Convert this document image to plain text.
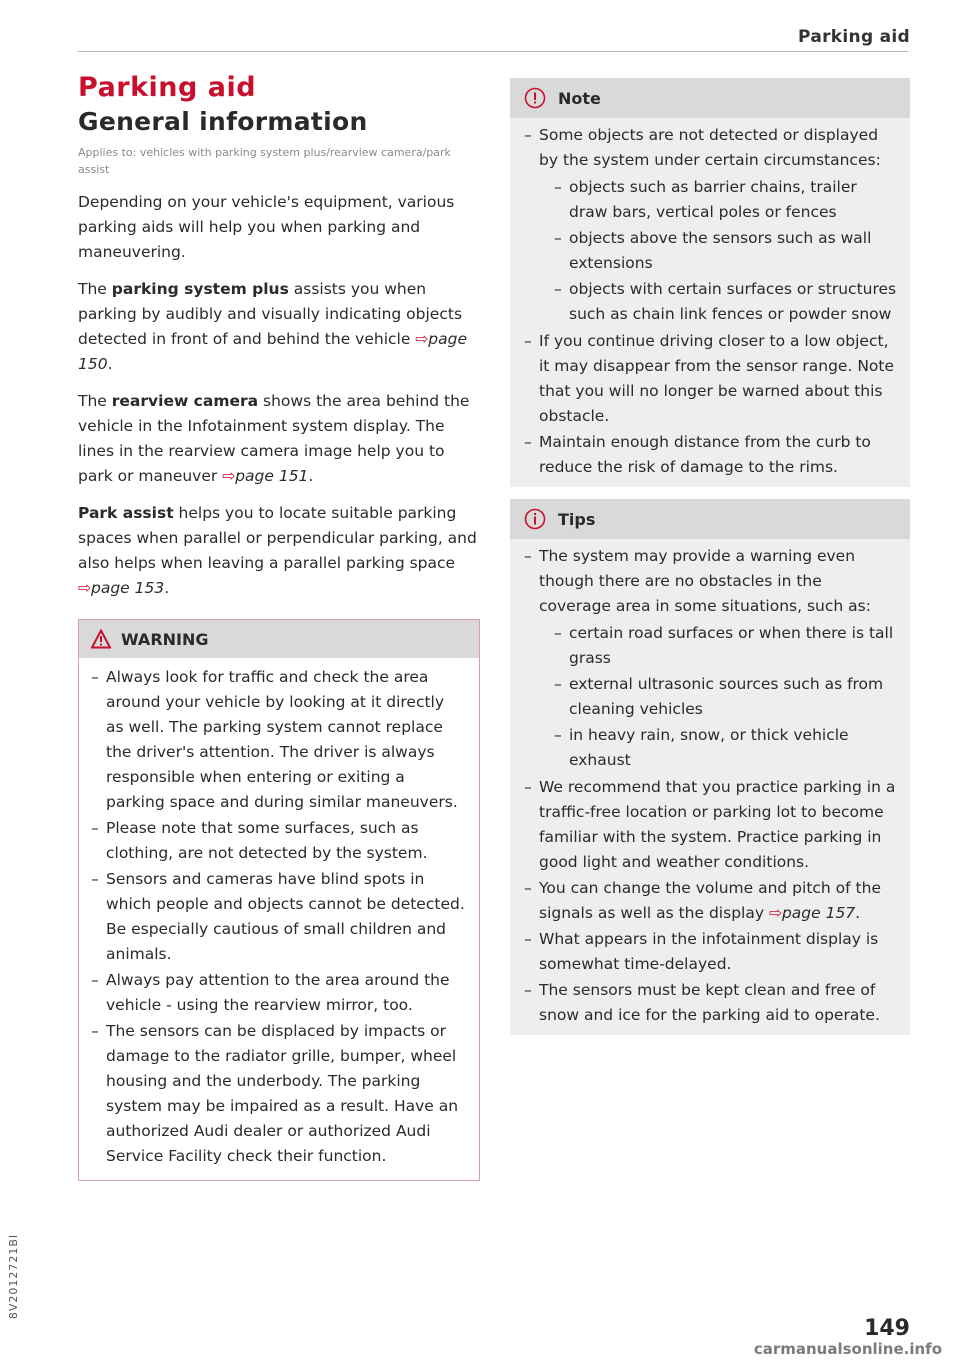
Parking aid
Parking aid
General information
Applies to: vehicles with parking system plus/rearview camera/park assist

Depending on your vehicle's equipment, various parking aids will help you when parking and maneuvering.

The parking system plus assists you when parking by audibly and visually indicating objects detected in front of and behind the vehicle ⇨page 150.

The rearview camera shows the area behind the vehicle in the Infotainment system display. The lines in the rearview camera image help you to park or maneuver ⇨page 151.

Park assist helps you to locate suitable parking spaces when parallel or perpendicular parking, and also helps when leaving a parallel parking space ⇨page 153.

WARNING
– Always look for traffic and check the area around your vehicle by looking at it directly as well. The parking system cannot replace the driver's attention. The driver is always responsible when entering or exiting a parking space and during similar maneuvers.
– Please note that some surfaces, such as clothing, are not detected by the system.
– Sensors and cameras have blind spots in which people and objects cannot be detected. Be especially cautious of small children and animals.
– Always pay attention to the area around the vehicle - using the rearview mirror, too.
– The sensors can be displaced by impacts or damage to the radiator grille, bumper, wheel housing and the underbody. The parking system may be impaired as a result. Have an authorized Audi dealer or authorized Audi Service Facility check their function.
Note
– Some objects are not detected or displayed by the system under certain circumstances:
– objects such as barrier chains, trailer draw bars, vertical poles or fences
– objects above the sensors such as wall extensions
– objects with certain surfaces or structures such as chain link fences or powder snow
– If you continue driving closer to a low object, it may disappear from the sensor range. Note that you will no longer be warned about this obstacle.
– Maintain enough distance from the curb to reduce the risk of damage to the rims.
Tips
– The system may provide a warning even though there are no obstacles in the coverage area in some situations, such as:
– certain road surfaces or when there is tall grass
– external ultrasonic sources such as from cleaning vehicles
– in heavy rain, snow, or thick vehicle exhaust
– We recommend that you practice parking in a traffic-free location or parking lot to become familiar with the system. Practice parking in good light and weather conditions.
– You can change the volume and pitch of the signals as well as the display ⇨page 157.
– What appears in the infotainment display is somewhat time-delayed.
– The sensors must be kept clean and free of snow and ice for the parking aid to operate.
8V2012721BI
149
carmanualsonline.info
